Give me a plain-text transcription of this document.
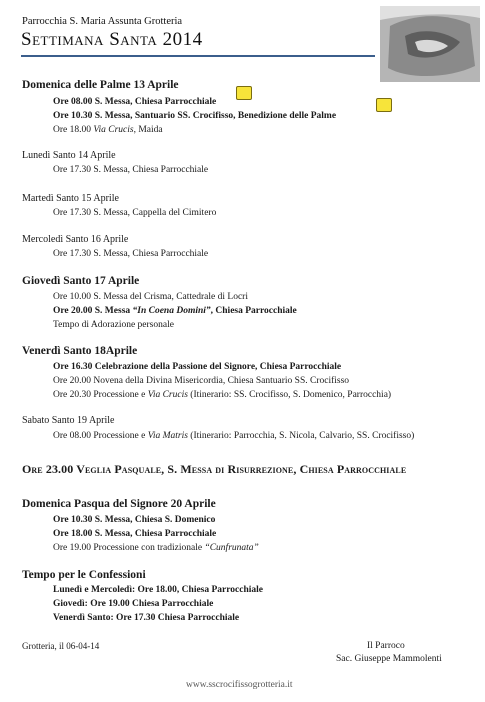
Parrocchia S. Maria Assunta Grotteria
Settimana Santa 2014
Domenica delle Palme 13 Aprile
Ore 08.00 S. Messa, Chiesa Parrocchiale
Ore 10.30 S. Messa, Santuario SS. Crocifisso, Benedizione delle Palme
Ore 18.00 Via Crucis, Maida
Lunedì Santo 14 Aprile
Ore 17.30 S. Messa, Chiesa Parrocchiale
Martedì Santo 15 Aprile
Ore 17.30 S. Messa, Cappella del Cimitero
Mercoledì Santo 16 Aprile
Ore 17.30 S. Messa, Chiesa Parrocchiale
Giovedì Santo 17 Aprile
Ore 10.00 S. Messa del Crisma, Cattedrale di Locri
Ore 20.00 S. Messa “In Coena Domini”, Chiesa Parrocchiale
Tempo di Adorazione personale
Venerdì Santo 18Aprile
Ore 16.30 Celebrazione della Passione del Signore, Chiesa Parrocchiale
Ore 20.00 Novena della Divina Misericordia, Chiesa Santuario SS. Crocifisso
Ore 20.30 Processione e Via Crucis (Itinerario: SS. Crocifisso, S. Domenico, Parrocchia)
Sabato Santo 19 Aprile
Ore 08.00 Processione e Via Matris (Itinerario: Parrocchia, S. Nicola, Calvario, SS. Crocifisso)
Ore 23.00 Veglia Pasquale, S. Messa di Risurrezione, Chiesa Parrocchiale
Domenica Pasqua del Signore 20 Aprile
Ore 10.30 S. Messa, Chiesa S. Domenico
Ore 18.00 S. Messa, Chiesa Parrocchiale
Ore 19.00 Processione con tradizionale “Cunfrunata”
Tempo per le Confessioni
Lunedì e Mercoledì: Ore 18.00, Chiesa Parrocchiale
Giovedì: Ore 19.00 Chiesa Parrocchiale
Venerdì Santo: Ore 17.30 Chiesa Parrocchiale
Grotteria, il 06-04-14	Il Parroco
Sac. Giuseppe Mammolenti
www.sscrocifissogrotteria.it
